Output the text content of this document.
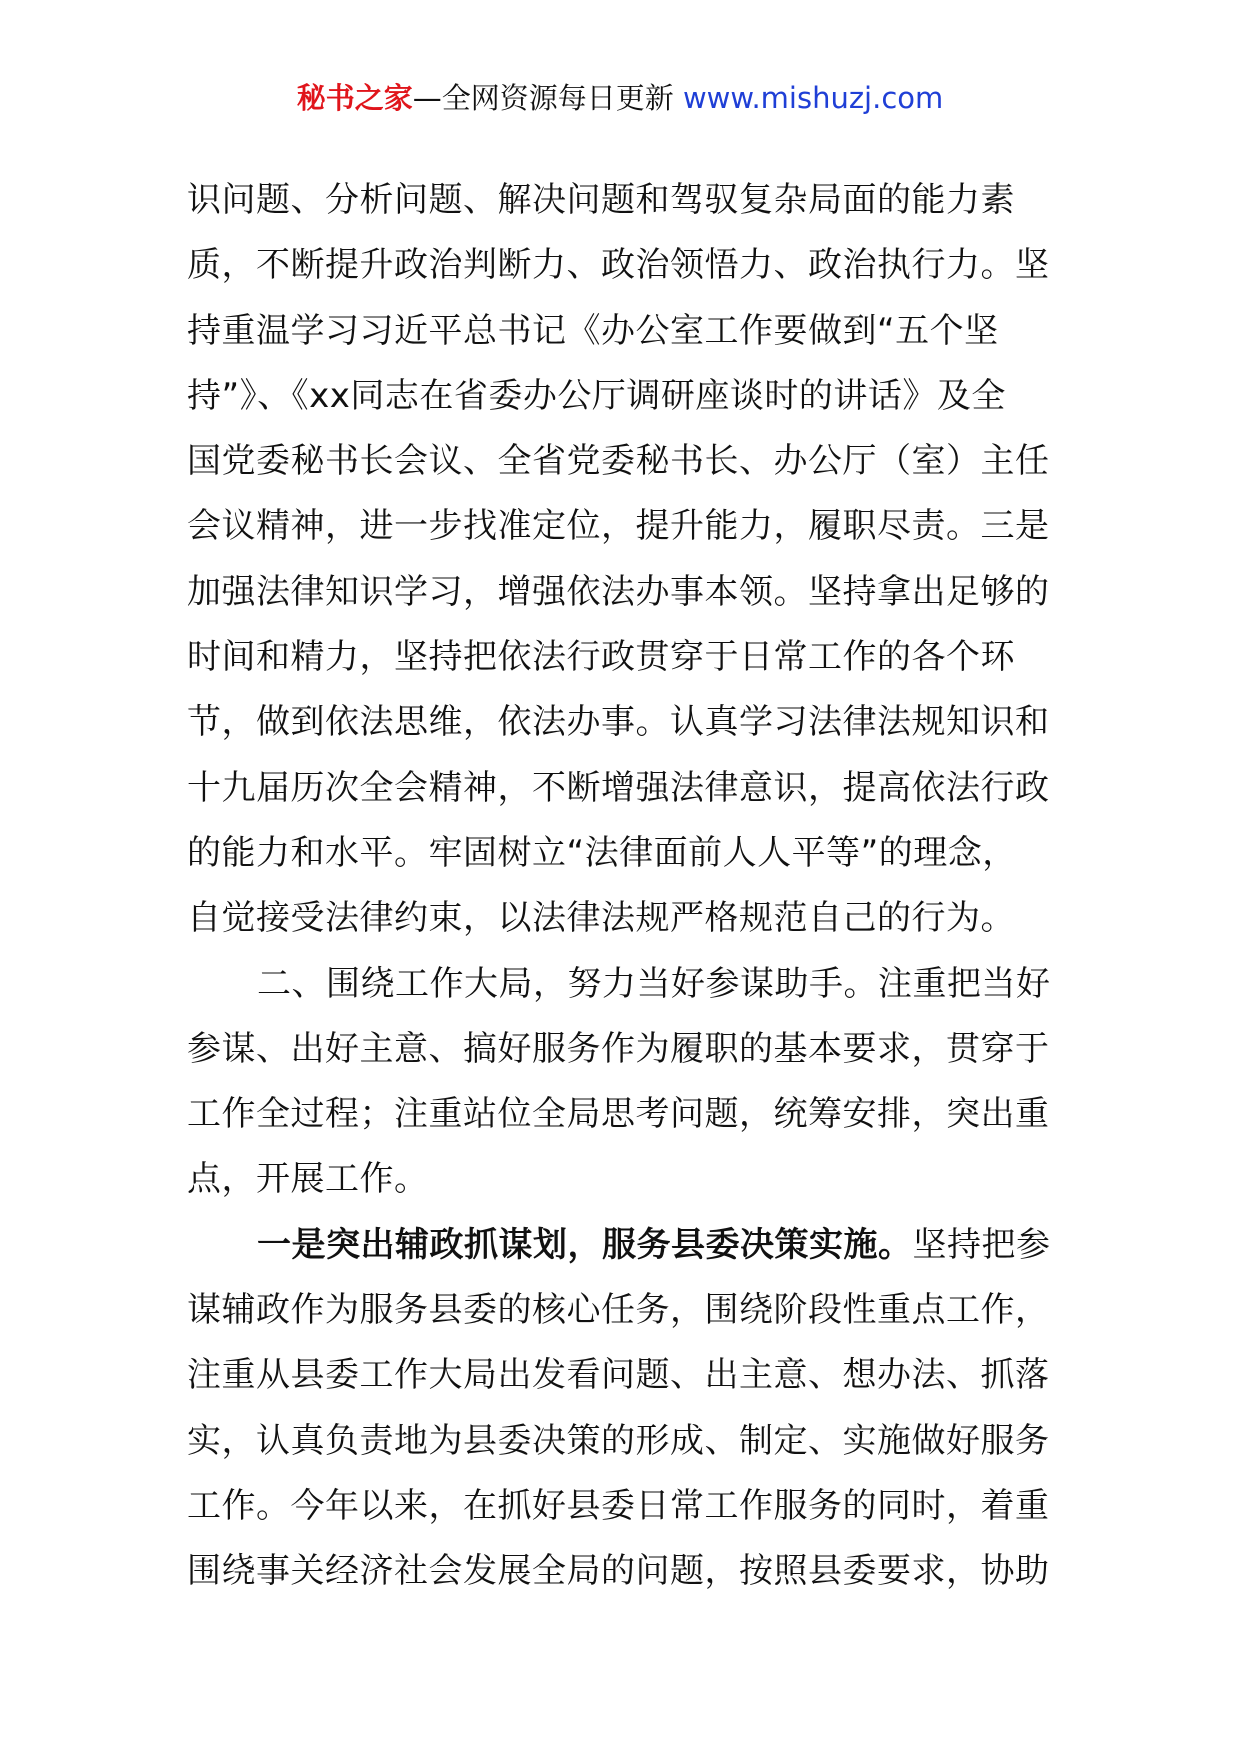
秘书之家—全网资源每日更新 www.mishuzj.com
识问题、分析问题、解决问题和驾驭复杂局面的能力素
质，不断提升政治判断力、政治领悟力、政治执行力。坚
持重温学习习近平总书记《办公室工作要做到“五个坚
持”》、《xx同志在省委办公厅调研座谈时的讲话》及全
国党委秘书长会议、全省党委秘书长、办公厅（室）主任
会议精神，进一步找准定位，提升能力，履职尽责。三是
加强法律知识学习，增强依法办事本领。坚持拿出足够的
时间和精力，坚持把依法行政贯穿于日常工作的各个环
节，做到依法思维，依法办事。认真学习法律法规知识和
十九届历次全会精神，不断增强法律意识，提高依法行政
的能力和水平。牢固树立“法律面前人人平等”的理念，
自觉接受法律约束，以法律法规严格规范自己的行为。
二、围绕工作大局，努力当好参谋助手。注重把当好
参谋、出好主意、搞好服务作为履职的基本要求，贯穿于
工作全过程；注重站位全局思考问题，统筹安排，突出重
点，开展工作。
一是突出辅政抓谋划，服务县委决策实施。坚持把参
谋辅政作为服务县委的核心任务，围绕阶段性重点工作，
注重从县委工作大局出发看问题、出主意、想办法、抓落
实，认真负责地为县委决策的形成、制定、实施做好服务
工作。今年以来，在抓好县委日常工作服务的同时，着重
围绕事关经济社会发展全局的问题，按照县委要求，协助
